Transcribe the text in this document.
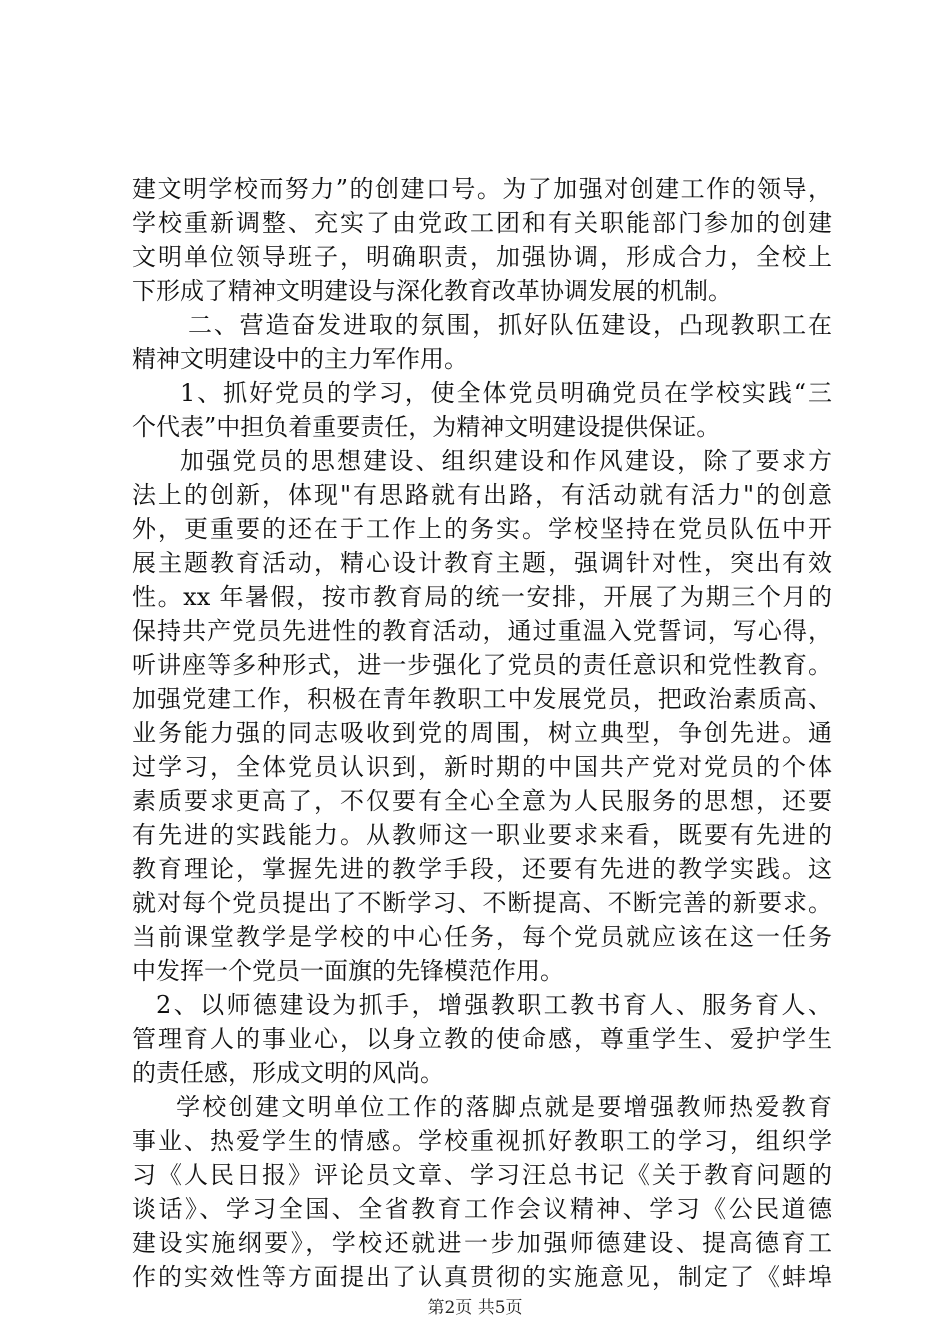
建文明学校而努力”的创建口号。为了加强对创建工作的领导，
学校重新调整、充实了由党政工团和有关职能部门参加的创建
文明单位领导班子，明确职责，加强协调，形成合力，全校上
下形成了精神文明建设与深化教育改革协调发展的机制。
二、营造奋发进取的氛围，抓好队伍建设，凸现教职工在
精神文明建设中的主力军作用。
1、抓好党员的学习，使全体党员明确党员在学校实践“三
个代表”中担负着重要责任，为精神文明建设提供保证。
加强党员的思想建设、组织建设和作风建设，除了要求方
法上的创新，体现"有思路就有出路，有活动就有活力"的创意
外，更重要的还在于工作上的务实。学校坚持在党员队伍中开
展主题教育活动，精心设计教育主题，强调针对性，突出有效
性。xx 年暑假，按市教育局的统一安排，开展了为期三个月的
保持共产党员先进性的教育活动，通过重温入党誓词，写心得，
听讲座等多种形式，进一步强化了党员的责任意识和党性教育。
加强党建工作，积极在青年教职工中发展党员，把政治素质高、
业务能力强的同志吸收到党的周围，树立典型，争创先进。通
过学习，全体党员认识到，新时期的中国共产党对党员的个体
素质要求更高了，不仅要有全心全意为人民服务的思想，还要
有先进的实践能力。从教师这一职业要求来看，既要有先进的
教育理论，掌握先进的教学手段，还要有先进的教学实践。这
就对每个党员提出了不断学习、不断提高、不断完善的新要求。
当前课堂教学是学校的中心任务，每个党员就应该在这一任务
中发挥一个党员一面旗的先锋模范作用。
2、以师德建设为抓手，增强教职工教书育人、服务育人、
管理育人的事业心，以身立教的使命感，尊重学生、爱护学生
的责任感，形成文明的风尚。
学校创建文明单位工作的落脚点就是要增强教师热爱教育
事业、热爱学生的情感。学校重视抓好教职工的学习，组织学
习《人民日报》评论员文章、学习汪总书记《关于教育问题的
谈话》、学习全国、全省教育工作会议精神、学习《公民道德
建设实施纲要》，学校还就进一步加强师德建设、提高德育工
作的实效性等方面提出了认真贯彻的实施意见，制定了《蚌埠
第2页 共5页
